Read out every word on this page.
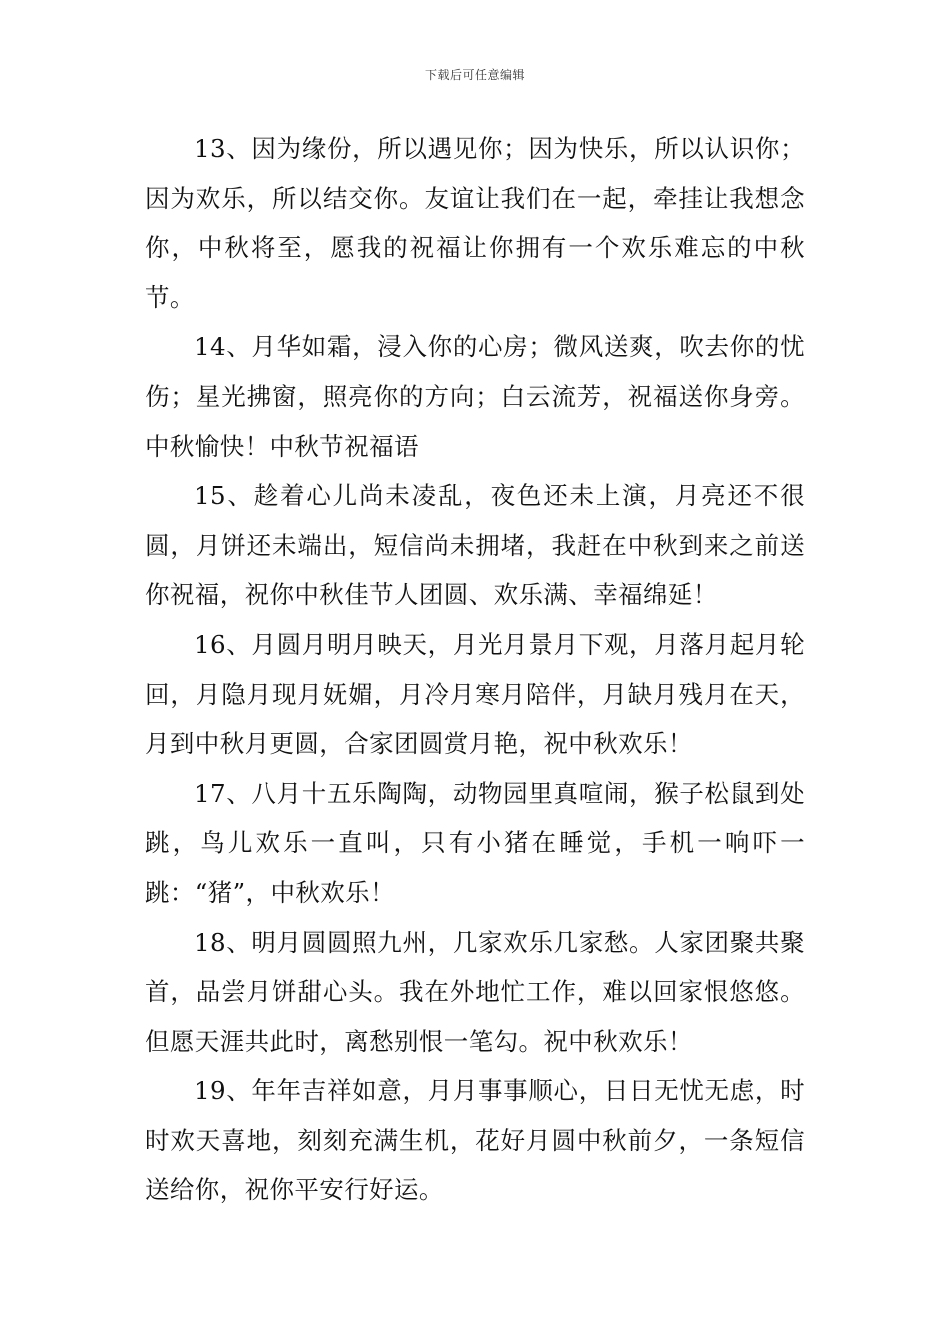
下载后可任意编辑

13、因为缘份，所以遇见你；因为快乐，所以认识你；因为欢乐，所以结交你。友谊让我们在一起，牵挂让我想念你，中秋将至，愿我的祝福让你拥有一个欢乐难忘的中秋节。

14、月华如霜，浸入你的心房；微风送爽，吹去你的忧伤；星光拂窗，照亮你的方向；白云流芳，祝福送你身旁。中秋愉快！中秋节祝福语

15、趁着心儿尚未凌乱，夜色还未上演，月亮还不很圆，月饼还未端出，短信尚未拥堵，我赶在中秋到来之前送你祝福，祝你中秋佳节人团圆、欢乐满、幸福绵延！

16、月圆月明月映天，月光月景月下观，月落月起月轮回，月隐月现月妩媚，月冷月寒月陪伴，月缺月残月在天，月到中秋月更圆，合家团圆赏月艳，祝中秋欢乐！

17、八月十五乐陶陶，动物园里真喧闹，猴子松鼠到处跳，鸟儿欢乐一直叫，只有小猪在睡觉，手机一响吓一跳：“猪”，中秋欢乐！

18、明月圆圆照九州，几家欢乐几家愁。人家团聚共聚首，品尝月饼甜心头。我在外地忙工作，难以回家恨悠悠。但愿天涯共此时，离愁别恨一笔勾。祝中秋欢乐！

19、年年吉祥如意，月月事事顺心，日日无忧无虑，时时欢天喜地，刻刻充满生机，花好月圆中秋前夕，一条短信送给你，祝你平安行好运。
